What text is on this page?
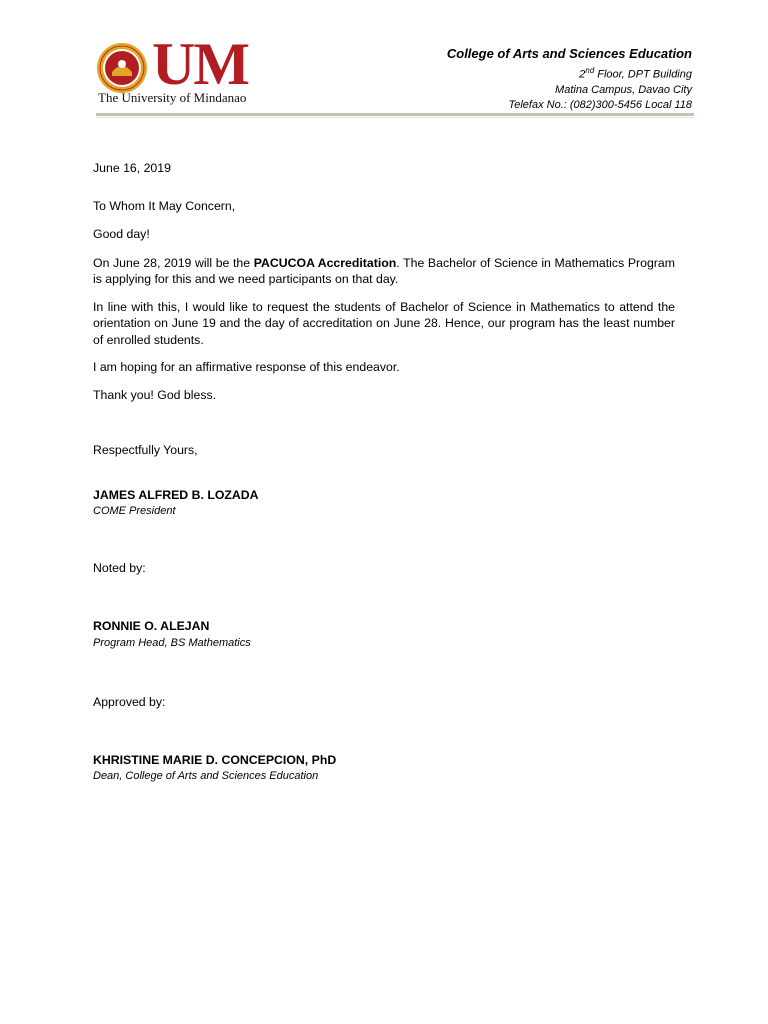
UM
The University of Mindanao
College of Arts and Sciences Education
2nd Floor, DPT Building
Matina Campus, Davao City
Telefax No.: (082)300-5456 Local 118

June 16, 2019

To Whom It May Concern,

Good day!

On June 28, 2019 will be the PACUCOA Accreditation. The Bachelor of Science in Mathematics Program is applying for this and we need participants on that day.

In line with this, I would like to request the students of Bachelor of Science in Mathematics to attend the orientation on June 19 and the day of accreditation on June 28. Hence, our program has the least number of enrolled students.

I am hoping for an affirmative response of this endeavor.

Thank you! God bless.

Respectfully Yours,

JAMES ALFRED B. LOZADA

COME President

Noted by:

RONNIE O. ALEJAN

Program Head, BS Mathematics

Approved by:

KHRISTINE MARIE D. CONCEPCION, PhD

Dean, College of Arts and Sciences Education
